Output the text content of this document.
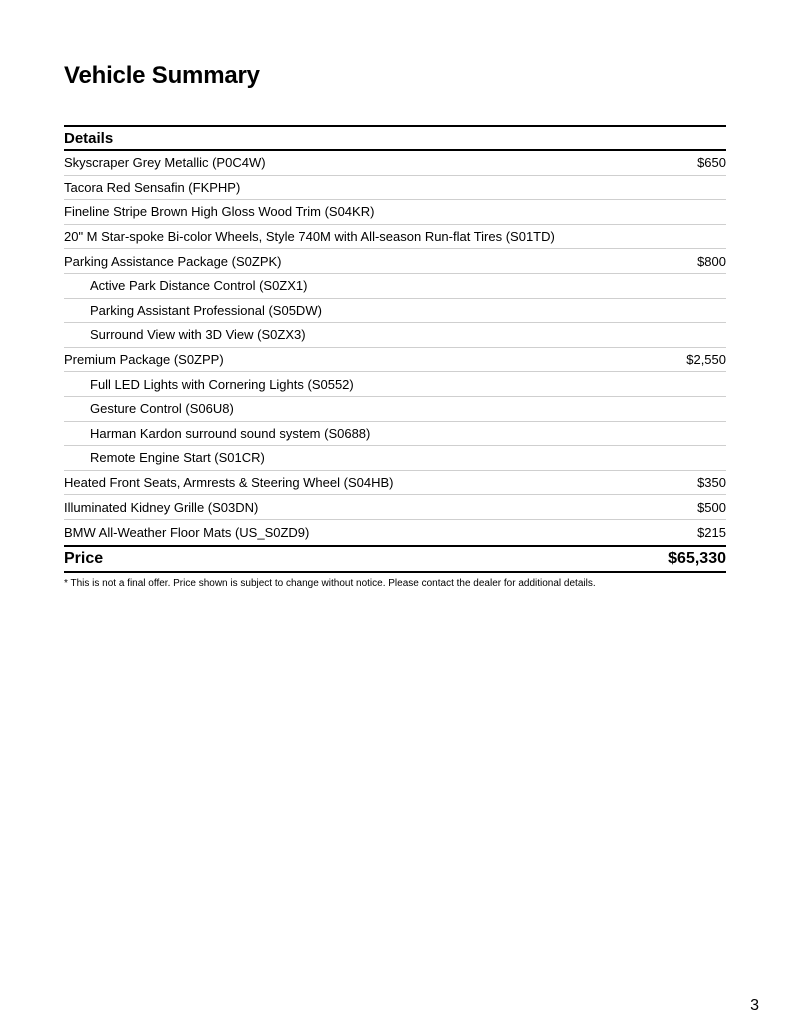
Vehicle Summary
Details
Skyscraper Grey Metallic (P0C4W)	$650
Tacora Red Sensafin (FKPHP)
Fineline Stripe Brown High Gloss Wood Trim (S04KR)
20" M Star-spoke Bi-color Wheels, Style 740M with All-season Run-flat Tires (S01TD)
Parking Assistance Package (S0ZPK)	$800
Active Park Distance Control (S0ZX1)
Parking Assistant Professional (S05DW)
Surround View with 3D View (S0ZX3)
Premium Package (S0ZPP)	$2,550
Full LED Lights with Cornering Lights (S0552)
Gesture Control (S06U8)
Harman Kardon surround sound system (S0688)
Remote Engine Start (S01CR)
Heated Front Seats, Armrests & Steering Wheel (S04HB)	$350
Illuminated Kidney Grille (S03DN)	$500
BMW All-Weather Floor Mats (US_S0ZD9)	$215
Price	$65,330
* This is not a final offer. Price shown is subject to change without notice. Please contact the dealer for additional details.
3
